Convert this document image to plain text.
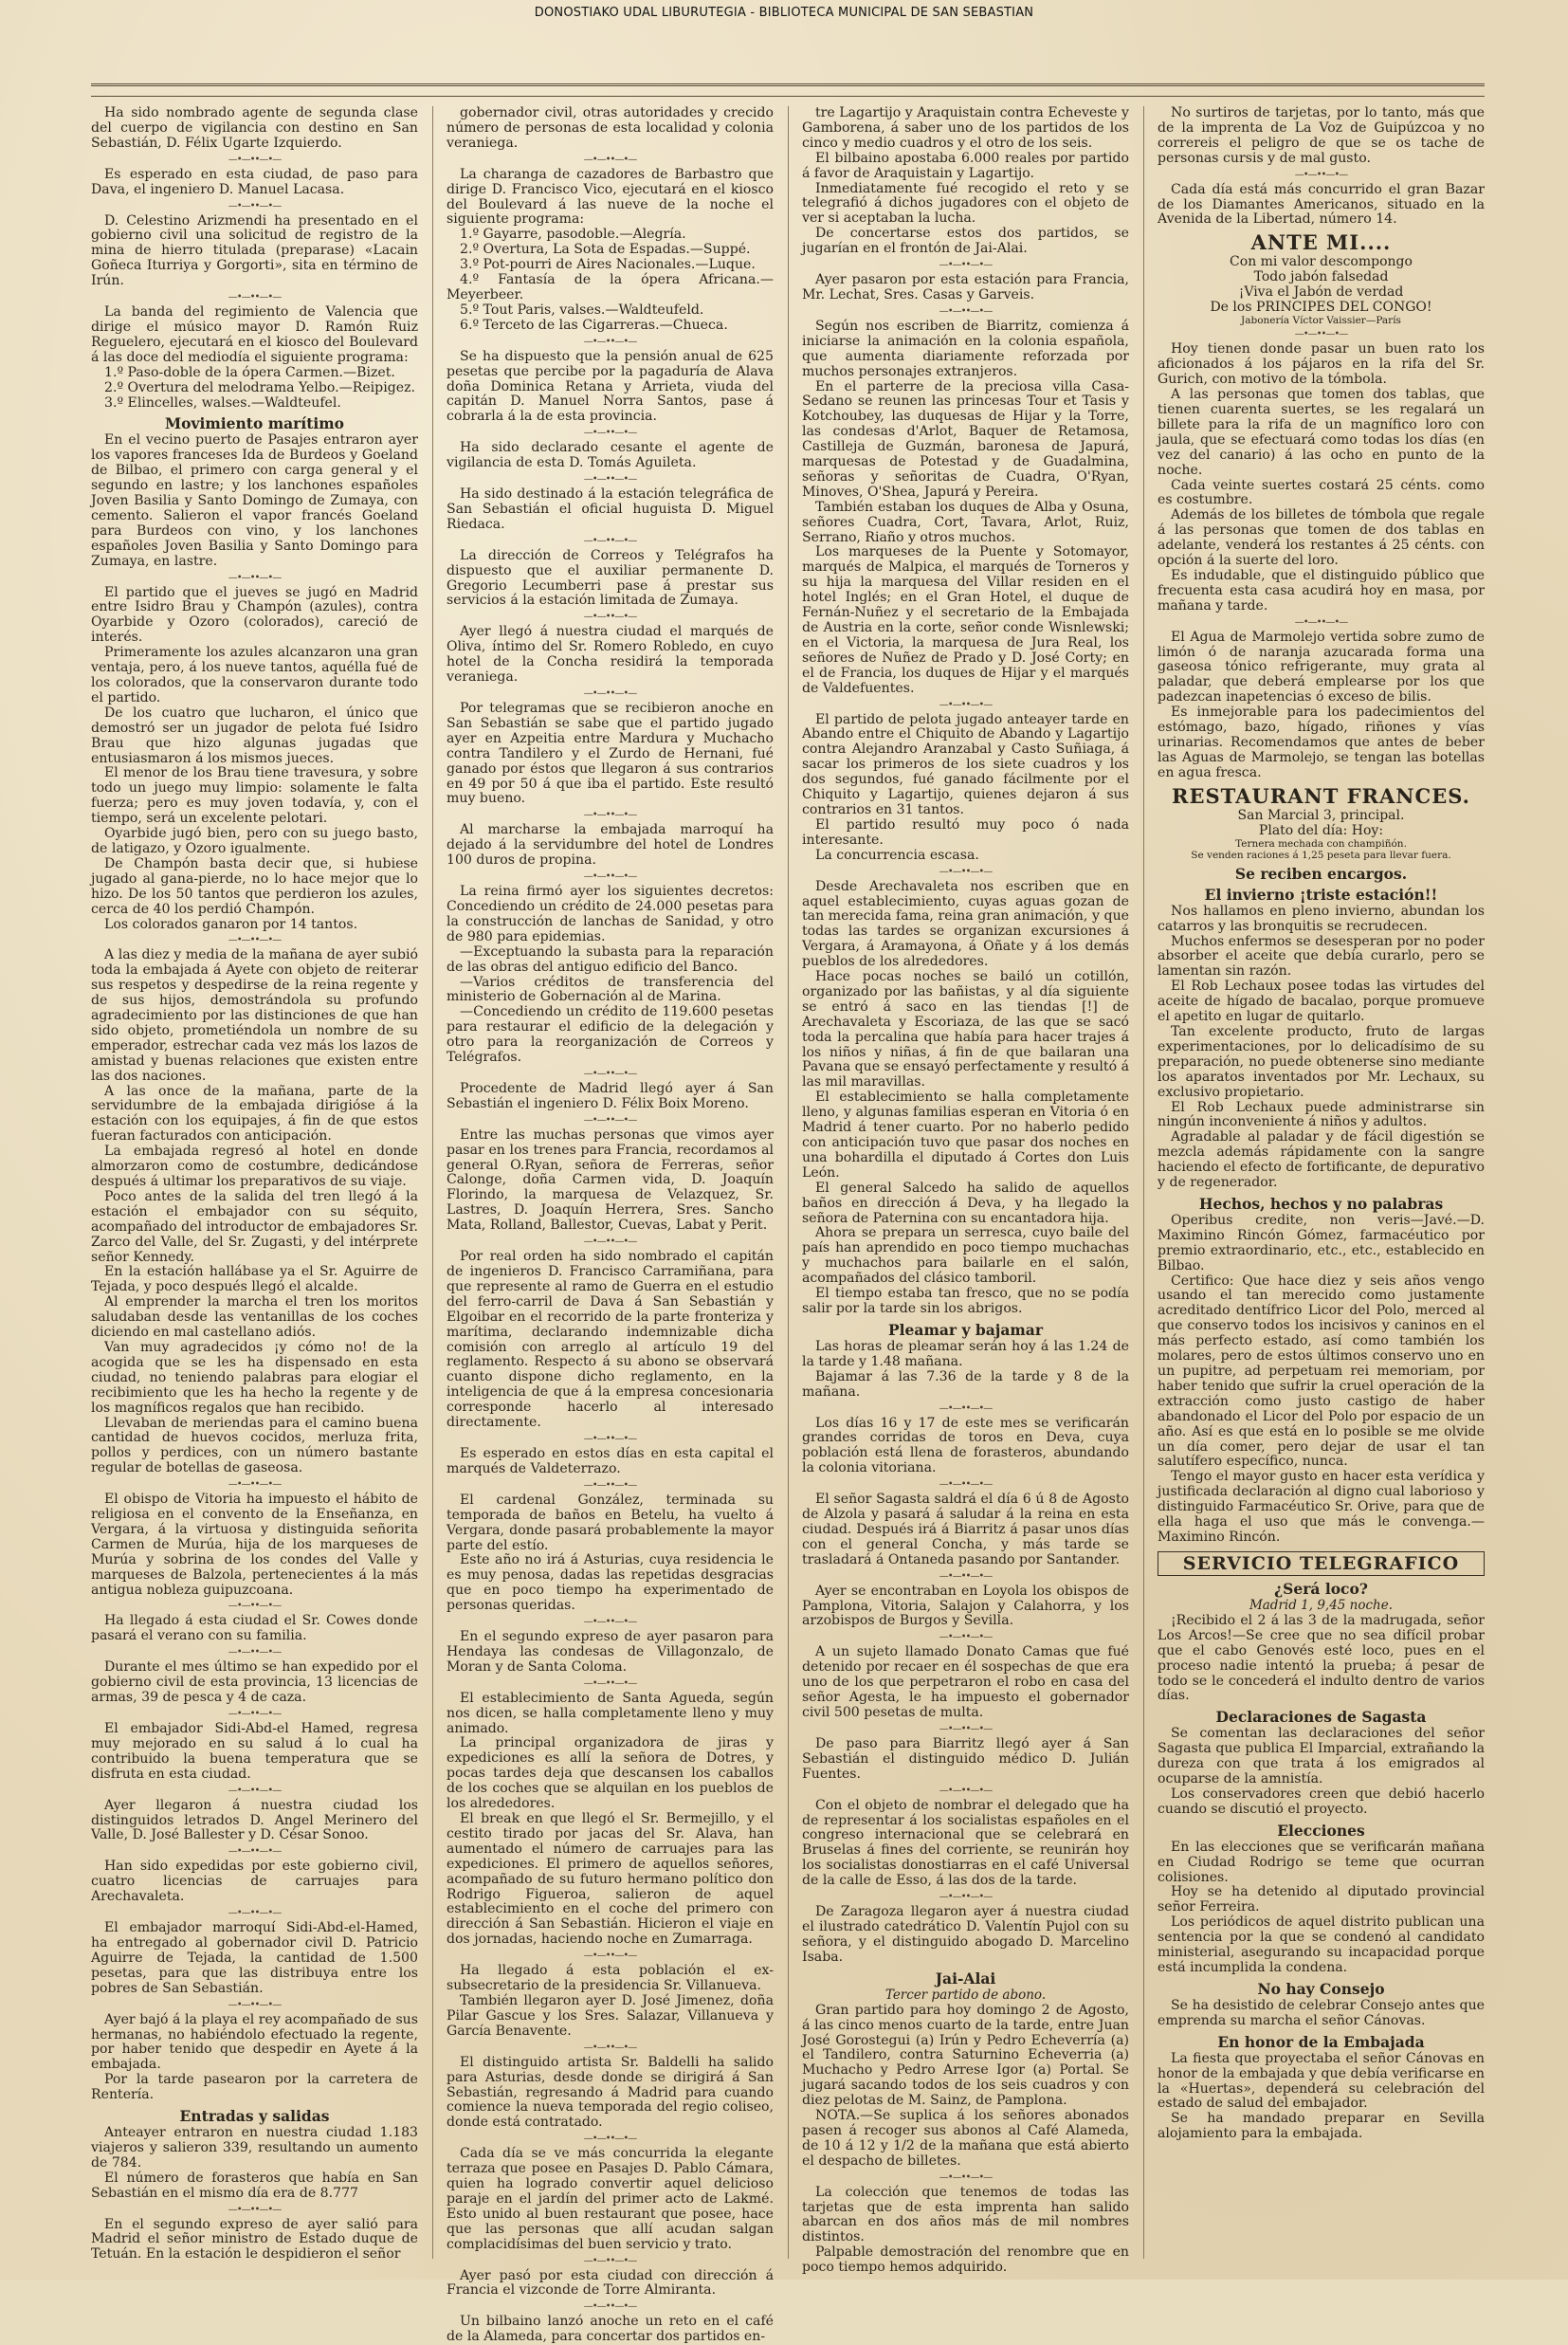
DONOSTIAKO UDAL LIBURUTEGIA - BIBLIOTECA MUNICIPAL DE SAN SEBASTIAN

Ha sido nombrado agente de segunda clase del cuerpo de vigilancia con destino en San Sebastián, D. Félix Ugarte Izquierdo.

—•—••—•—

Es esperado en esta ciudad, de paso para Dava, el ingeniero D. Manuel Lacasa.

—•—••—•—

D. Celestino Arizmendi ha presentado en el gobierno civil una solicitud de registro de la mina de hierro titulada (preparase) «Lacain Goñeca Iturriya y Gorgorti», sita en término de Irún.

—•—••—•—

La banda del regimiento de Valencia que dirige el músico mayor D. Ramón Ruiz Reguelero, ejecutará en el kiosco del Boulevard á las doce del mediodía el siguiente programa:

1.º Paso-doble de la ópera Carmen.—Bizet.

2.º Overtura del melodrama Yelbo.—Reipigez.

3.º Elincelles, walses.—Waldteufel.

Movimiento marítimo

En el vecino puerto de Pasajes entraron ayer los vapores franceses Ida de Burdeos y Goeland de Bilbao, el primero con carga general y el segundo en lastre; y los lanchones españoles Joven Basilia y Santo Domingo de Zumaya, con cemento. Salieron el vapor francés Goeland para Burdeos con vino, y los lanchones españoles Joven Basilia y Santo Domingo para Zumaya, en lastre.

—•—••—•—

El partido que el jueves se jugó en Madrid entre Isidro Brau y Champón (azules), contra Oyarbide y Ozoro (colorados), careció de interés.

Primeramente los azules alcanzaron una gran ventaja, pero, á los nueve tantos, aquélla fué de los colorados, que la conservaron durante todo el partido.

De los cuatro que lucharon, el único que demostró ser un jugador de pelota fué Isidro Brau que hizo algunas jugadas que entusiasmaron á los mismos jueces.

El menor de los Brau tiene travesura, y sobre todo un juego muy limpio: solamente le falta fuerza; pero es muy joven todavía, y, con el tiempo, será un excelente pelotari.

Oyarbide jugó bien, pero con su juego basto, de latigazo, y Ozoro igualmente.

De Champón basta decir que, si hubiese jugado al gana-pierde, no lo hace mejor que lo hizo. De los 50 tantos que perdieron los azules, cerca de 40 los perdió Champón.

Los colorados ganaron por 14 tantos.

—•—••—•—

A las diez y media de la mañana de ayer subió toda la embajada á Ayete con objeto de reiterar sus respetos y despedirse de la reina regente y de sus hijos, demostrándola su profundo agradecimiento por las distinciones de que han sido objeto, prometiéndola un nombre de su emperador, estrechar cada vez más los lazos de amistad y buenas relaciones que existen entre las dos naciones.

A las once de la mañana, parte de la servidumbre de la embajada dirigióse á la estación con los equipajes, á fin de que estos fueran facturados con anticipación.

La embajada regresó al hotel en donde almorzaron como de costumbre, dedicándose después á ultimar los preparativos de su viaje.

Poco antes de la salida del tren llegó á la estación el embajador con su séquito, acompañado del introductor de embajadores Sr. Zarco del Valle, del Sr. Zugasti, y del intérprete señor Kennedy.

En la estación hallábase ya el Sr. Aguirre de Tejada, y poco después llegó el alcalde.

Al emprender la marcha el tren los moritos saludaban desde las ventanillas de los coches diciendo en mal castellano adiós.

Van muy agradecidos ¡y cómo no! de la acogida que se les ha dispensado en esta ciudad, no teniendo palabras para elogiar el recibimiento que les ha hecho la regente y de los magníficos regalos que han recibido.

Llevaban de meriendas para el camino buena cantidad de huevos cocidos, merluza frita, pollos y perdices, con un número bastante regular de botellas de gaseosa.

—•—••—•—

El obispo de Vitoria ha impuesto el hábito de religiosa en el convento de la Enseñanza, en Vergara, á la virtuosa y distinguida señorita Carmen de Murúa, hija de los marqueses de Murúa y sobrina de los condes del Valle y marqueses de Balzola, pertenecientes á la más antigua nobleza guipuzcoana.

—•—••—•—

Ha llegado á esta ciudad el Sr. Cowes donde pasará el verano con su familia.

—•—••—•—

Durante el mes último se han expedido por el gobierno civil de esta provincia, 13 licencias de armas, 39 de pesca y 4 de caza.

—•—••—•—

El embajador Sidi-Abd-el Hamed, regresa muy mejorado en su salud á lo cual ha contribuido la buena temperatura que se disfruta en esta ciudad.

—•—••—•—

Ayer llegaron á nuestra ciudad los distinguidos letrados D. Angel Merinero del Valle, D. José Ballester y D. César Sonoo.

—•—••—•—

Han sido expedidas por este gobierno civil, cuatro licencias de carruajes para Arechavaleta.

—•—••—•—

El embajador marroquí Sidi-Abd-el-Hamed, ha entregado al gobernador civil D. Patricio Aguirre de Tejada, la cantidad de 1.500 pesetas, para que las distribuya entre los pobres de San Sebastián.

—•—••—•—

Ayer bajó á la playa el rey acompañado de sus hermanas, no habiéndolo efectuado la regente, por haber tenido que despedir en Ayete á la embajada.

Por la tarde pasearon por la carretera de Rentería.

Entradas y salidas

Anteayer entraron en nuestra ciudad 1.183 viajeros y salieron 339, resultando un aumento de 784.

El número de forasteros que había en San Sebastián en el mismo día era de 8.777

—•—••—•—

En el segundo expreso de ayer salió para Madrid el señor ministro de Estado duque de Tetuán. En la estación le despidieron el señor

gobernador civil, otras autoridades y crecido número de personas de esta localidad y colonia veraniega.

—•—••—•—

La charanga de cazadores de Barbastro que dirige D. Francisco Vico, ejecutará en el kiosco del Boulevard á las nueve de la noche el siguiente programa:

1.º Gayarre, pasodoble.—Alegría.

2.º Overtura, La Sota de Espadas.—Suppé.

3.º Pot-pourri de Aires Nacionales.—Luque.

4.º Fantasía de la ópera Africana.—Meyerbeer.

5.º Tout Paris, valses.—Waldteufeld.

6.º Terceto de las Cigarreras.—Chueca.

—•—••—•—

Se ha dispuesto que la pensión anual de 625 pesetas que percibe por la pagaduría de Alava doña Dominica Retana y Arrieta, viuda del capitán D. Manuel Norra Santos, pase á cobrarla á la de esta provincia.

—•—••—•—

Ha sido declarado cesante el agente de vigilancia de esta D. Tomás Aguileta.

—•—••—•—

Ha sido destinado á la estación telegráfica de San Sebastián el oficial huguista D. Miguel Riedaca.

—•—••—•—

La dirección de Correos y Telégrafos ha dispuesto que el auxiliar permanente D. Gregorio Lecumberri pase á prestar sus servicios á la estación limitada de Zumaya.

—•—••—•—

Ayer llegó á nuestra ciudad el marqués de Oliva, íntimo del Sr. Romero Robledo, en cuyo hotel de la Concha residirá la temporada veraniega.

—•—••—•—

Por telegramas que se recibieron anoche en San Sebastián se sabe que el partido jugado ayer en Azpeitia entre Mardura y Muchacho contra Tandilero y el Zurdo de Hernani, fué ganado por éstos que llegaron á sus contrarios en 49 por 50 á que iba el partido. Este resultó muy bueno.

—•—••—•—

Al marcharse la embajada marroquí ha dejado á la servidumbre del hotel de Londres 100 duros de propina.

—•—••—•—

La reina firmó ayer los siguientes decretos: Concediendo un crédito de 24.000 pesetas para la construcción de lanchas de Sanidad, y otro de 980 para epidemias.

—Exceptuando la subasta para la reparación de las obras del antiguo edificio del Banco.

—Varios créditos de transferencia del ministerio de Gobernación al de Marina.

—Concediendo un crédito de 119.600 pesetas para restaurar el edificio de la delegación y otro para la reorganización de Correos y Telégrafos.

—•—••—•—

Procedente de Madrid llegó ayer á San Sebastián el ingeniero D. Félix Boix Moreno.

—•—••—•—

Entre las muchas personas que vimos ayer pasar en los trenes para Francia, recordamos al general O.Ryan, señora de Ferreras, señor Calonge, doña Carmen vida, D. Joaquín Florindo, la marquesa de Velazquez, Sr. Lastres, D. Joaquín Herrera, Sres. Sancho Mata, Rolland, Ballestor, Cuevas, Labat y Perit.

—•—••—•—

Por real orden ha sido nombrado el capitán de ingenieros D. Francisco Carramiñana, para que represente al ramo de Guerra en el estudio del ferro-carril de Dava á San Sebastián y Elgoibar en el recorrido de la parte fronteriza y marítima, declarando indemnizable dicha comisión con arreglo al artículo 19 del reglamento. Respecto á su abono se observará cuanto dispone dicho reglamento, en la inteligencia de que á la empresa concesionaria corresponde hacerlo al interesado directamente.

—•—••—•—

Es esperado en estos días en esta capital el marqués de Valdeterrazo.

—•—••—•—

El cardenal González, terminada su temporada de baños en Betelu, ha vuelto á Vergara, donde pasará probablemente la mayor parte del estío.

Este año no irá á Asturias, cuya residencia le es muy penosa, dadas las repetidas desgracias que en poco tiempo ha experimentado de personas queridas.

—•—••—•—

En el segundo expreso de ayer pasaron para Hendaya las condesas de Villagonzalo, de Moran y de Santa Coloma.

—•—••—•—

El establecimiento de Santa Agueda, según nos dicen, se halla completamente lleno y muy animado.

La principal organizadora de jiras y expediciones es allí la señora de Dotres, y pocas tardes deja que descansen los caballos de los coches que se alquilan en los pueblos de los alrededores.

El break en que llegó el Sr. Bermejillo, y el cestito tirado por jacas del Sr. Alava, han aumentado el número de carruajes para las expediciones. El primero de aquellos señores, acompañado de su futuro hermano político don Rodrigo Figueroa, salieron de aquel establecimiento en el coche del primero con dirección á San Sebastián. Hicieron el viaje en dos jornadas, haciendo noche en Zumarraga.

—•—••—•—

Ha llegado á esta población el ex-subsecretario de la presidencia Sr. Villanueva.

También llegaron ayer D. José Jimenez, doña Pilar Gascue y los Sres. Salazar, Villanueva y García Benavente.

—•—••—•—

El distinguido artista Sr. Baldelli ha salido para Asturias, desde donde se dirigirá á San Sebastián, regresando á Madrid para cuando comience la nueva temporada del regio coliseo, donde está contratado.

—•—••—•—

Cada día se ve más concurrida la elegante terraza que posee en Pasajes D. Pablo Cámara, quien ha logrado convertir aquel delicioso paraje en el jardín del primer acto de Lakmé. Esto unido al buen restaurant que posee, hace que las personas que allí acudan salgan complacidísimas del buen servicio y trato.

—•—••—•—

Ayer pasó por esta ciudad con dirección á Francia el vizconde de Torre Almiranta.

—•—••—•—

Un bilbaino lanzó anoche un reto en el café de la Alameda, para concertar dos partidos en-

tre Lagartijo y Araquistain contra Echeveste y Gamborena, á saber uno de los partidos de los cinco y medio cuadros y el otro de los seis.

El bilbaino apostaba 6.000 reales por partido á favor de Araquistain y Lagartijo.

Inmediatamente fué recogido el reto y se telegrafió á dichos jugadores con el objeto de ver si aceptaban la lucha.

De concertarse estos dos partidos, se jugarían en el frontón de Jai-Alai.

—•—••—•—

Ayer pasaron por esta estación para Francia, Mr. Lechat, Sres. Casas y Garveis.

—•—••—•—

Según nos escriben de Biarritz, comienza á iniciarse la animación en la colonia española, que aumenta diariamente reforzada por muchos personajes extranjeros.

En el parterre de la preciosa villa Casa-Sedano se reunen las princesas Tour et Tasis y Kotchoubey, las duquesas de Hijar y la Torre, las condesas d'Arlot, Baquer de Retamosa, Castilleja de Guzmán, baronesa de Japurá, marquesas de Potestad y de Guadalmina, señoras y señoritas de Cuadra, O'Ryan, Minoves, O'Shea, Japurá y Pereira.

También estaban los duques de Alba y Osuna, señores Cuadra, Cort, Tavara, Arlot, Ruiz, Serrano, Riaño y otros muchos.

Los marqueses de la Puente y Sotomayor, marqués de Malpica, el marqués de Torneros y su hija la marquesa del Villar residen en el hotel Inglés; en el Gran Hotel, el duque de Fernán-Nuñez y el secretario de la Embajada de Austria en la corte, señor conde Wisnlewski; en el Victoria, la marquesa de Jura Real, los señores de Nuñez de Prado y D. José Corty; en el de Francia, los duques de Hijar y el marqués de Valdefuentes.

—•—••—•—

El partido de pelota jugado anteayer tarde en Abando entre el Chiquito de Abando y Lagartijo contra Alejandro Aranzabal y Casto Suñiaga, á sacar los primeros de los siete cuadros y los dos segundos, fué ganado fácilmente por el Chiquito y Lagartijo, quienes dejaron á sus contrarios en 31 tantos.

El partido resultó muy poco ó nada interesante.

La concurrencia escasa.

—•—••—•—

Desde Arechavaleta nos escriben que en aquel establecimiento, cuyas aguas gozan de tan merecida fama, reina gran animación, y que todas las tardes se organizan excursiones á Vergara, á Aramayona, á Oñate y á los demás pueblos de los alrededores.

Hace pocas noches se bailó un cotillón, organizado por las bañistas, y al día siguiente se entró á saco en las tiendas [!] de Arechavaleta y Escoriaza, de las que se sacó toda la percalina que había para hacer trajes á los niños y niñas, á fin de que bailaran una Pavana que se ensayó perfectamente y resultó á las mil maravillas.

El establecimiento se halla completamente lleno, y algunas familias esperan en Vitoria ó en Madrid á tener cuarto. Por no haberlo pedido con anticipación tuvo que pasar dos noches en una bohardilla el diputado á Cortes don Luis León.

El general Salcedo ha salido de aquellos baños en dirección á Deva, y ha llegado la señora de Paternina con su encantadora hija.

Ahora se prepara un serresca, cuyo baile del país han aprendido en poco tiempo muchachas y muchachos para bailarle en el salón, acompañados del clásico tamboril.

El tiempo estaba tan fresco, que no se podía salir por la tarde sin los abrigos.

Pleamar y bajamar

Las horas de pleamar serán hoy á las 1.24 de la tarde y 1.48 mañana.

Bajamar á las 7.36 de la tarde y 8 de la mañana.

—•—••—•—

Los días 16 y 17 de este mes se verificarán grandes corridas de toros en Deva, cuya población está llena de forasteros, abundando la colonia vitoriana.

—•—••—•—

El señor Sagasta saldrá el día 6 ú 8 de Agosto de Alzola y pasará á saludar á la reina en esta ciudad. Después irá á Biarritz á pasar unos días con el general Concha, y más tarde se trasladará á Ontaneda pasando por Santander.

—•—••—•—

Ayer se encontraban en Loyola los obispos de Pamplona, Vitoria, Salajon y Calahorra, y los arzobispos de Burgos y Sevilla.

—•—••—•—

A un sujeto llamado Donato Camas que fué detenido por recaer en él sospechas de que era uno de los que perpetraron el robo en casa del señor Agesta, le ha impuesto el gobernador civil 500 pesetas de multa.

—•—••—•—

De paso para Biarritz llegó ayer á San Sebastián el distinguido médico D. Julián Fuentes.

—•—••—•—

Con el objeto de nombrar el delegado que ha de representar á los socialistas españoles en el congreso internacional que se celebrará en Bruselas á fines del corriente, se reunirán hoy los socialistas donostiarras en el café Universal de la calle de Esso, á las dos de la tarde.

—•—••—•—

De Zaragoza llegaron ayer á nuestra ciudad el ilustrado catedrático D. Valentín Pujol con su señora, y el distinguido abogado D. Marcelino Isaba.

Jai-Alai
Tercer partido de abono.

Gran partido para hoy domingo 2 de Agosto, á las cinco menos cuarto de la tarde, entre Juan José Gorostegui (a) Irún y Pedro Echeverría (a) el Tandilero, contra Saturnino Echeverria (a) Muchacho y Pedro Arrese Igor (a) Portal. Se jugará sacando todos de los seis cuadros y con diez pelotas de M. Sainz, de Pamplona.

NOTA.—Se suplica á los señores abonados pasen á recoger sus abonos al Café Alameda, de 10 á 12 y 1/2 de la mañana que está abierto el despacho de billetes.

—•—••—•—

La colección que tenemos de todas las tarjetas que de esta imprenta han salido abarcan en dos años más de mil nombres distintos.

Palpable demostración del renombre que en poco tiempo hemos adquirido.

No surtiros de tarjetas, por lo tanto, más que de la imprenta de La Voz de Guipúzcoa y no correreis el peligro de que se os tache de personas cursis y de mal gusto.

—•—••—•—

Cada día está más concurrido el gran Bazar de los Diamantes Americanos, situado en la Avenida de la Libertad, número 14.

ANTE MI....

Con mi valor descompongo

Todo jabón falsedad

¡Viva el Jabón de verdad

De los PRINCIPES DEL CONGO!

Jabonería Víctor Vaissier—París

—•—••—•—

Hoy tienen donde pasar un buen rato los aficionados á los pájaros en la rifa del Sr. Gurich, con motivo de la tómbola.

A las personas que tomen dos tablas, que tienen cuarenta suertes, se les regalará un billete para la rifa de un magnífico loro con jaula, que se efectuará como todas los días (en vez del canario) á las ocho en punto de la noche.

Cada veinte suertes costará 25 cénts. como es costumbre.

Además de los billetes de tómbola que regale á las personas que tomen de dos tablas en adelante, venderá los restantes á 25 cénts. con opción á la suerte del loro.

Es indudable, que el distinguido público que frecuenta esta casa acudirá hoy en masa, por mañana y tarde.

—•—••—•—

El Agua de Marmolejo vertida sobre zumo de limón ó de naranja azucarada forma una gaseosa tónico refrigerante, muy grata al paladar, que deberá emplearse por los que padezcan inapetencias ó exceso de bilis.

Es inmejorable para los padecimientos del estómago, bazo, hígado, riñones y vías urinarias. Recomendamos que antes de beber las Aguas de Marmolejo, se tengan las botellas en agua fresca.

RESTAURANT FRANCES.

San Marcial 3, principal.

Plato del día: Hoy:

Ternera mechada con champiñón.

Se venden raciones á 1,25 peseta para llevar fuera.

Se reciben encargos.
El invierno ¡triste estación!!

Nos hallamos en pleno invierno, abundan los catarros y las bronquitis se recrudecen.

Muchos enfermos se desesperan por no poder absorber el aceite que debía curarlo, pero se lamentan sin razón.

El Rob Lechaux posee todas las virtudes del aceite de hígado de bacalao, porque promueve el apetito en lugar de quitarlo.

Tan excelente producto, fruto de largas experimentaciones, por lo delicadísimo de su preparación, no puede obtenerse sino mediante los aparatos inventados por Mr. Lechaux, su exclusivo propietario.

El Rob Lechaux puede administrarse sin ningún inconveniente á niños y adultos.

Agradable al paladar y de fácil digestión se mezcla además rápidamente con la sangre haciendo el efecto de fortificante, de depurativo y de regenerador.

Hechos, hechos y no palabras

Operibus credite, non veris—Javé.—D. Maximino Rincón Gómez, farmacéutico por premio extraordinario, etc., etc., establecido en Bilbao.

Certifico: Que hace diez y seis años vengo usando el tan merecido como justamente acreditado dentífrico Licor del Polo, merced al que conservo todos los incisivos y caninos en el más perfecto estado, así como también los molares, pero de estos últimos conservo uno en un pupitre, ad perpetuam rei memoriam, por haber tenido que sufrir la cruel operación de la extracción como justo castigo de haber abandonado el Licor del Polo por espacio de un año. Así es que está en lo posible se me olvide un día comer, pero dejar de usar el tan salutífero específico, nunca.

Tengo el mayor gusto en hacer esta verídica y justificada declaración al digno cual laborioso y distinguido Farmacéutico Sr. Orive, para que de ella haga el uso que más le convenga.—Maximino Rincón.

SERVICIO TELEGRAFICO
¿Será loco?
Madrid 1, 9,45 noche.

¡Recibido el 2 á las 3 de la madrugada, señor Los Arcos!—Se cree que no sea difícil probar que el cabo Genovés esté loco, pues en el proceso nadie intentó la prueba; á pesar de todo se le concederá el indulto dentro de varios días.

Declaraciones de Sagasta

Se comentan las declaraciones del señor Sagasta que publica El Imparcial, extrañando la dureza con que trata á los emigrados al ocuparse de la amnistía.

Los conservadores creen que debió hacerlo cuando se discutió el proyecto.

Elecciones

En las elecciones que se verificarán mañana en Ciudad Rodrigo se teme que ocurran colisiones.

Hoy se ha detenido al diputado provincial señor Ferreira.

Los periódicos de aquel distrito publican una sentencia por la que se condenó al candidato ministerial, asegurando su incapacidad porque está incumplida la condena.

No hay Consejo

Se ha desistido de celebrar Consejo antes que emprenda su marcha el señor Cánovas.

En honor de la Embajada

La fiesta que proyectaba el señor Cánovas en honor de la embajada y que debía verificarse en la «Huertas», dependerá su celebración del estado de salud del embajador.

Se ha mandado preparar en Sevilla alojamiento para la embajada.
